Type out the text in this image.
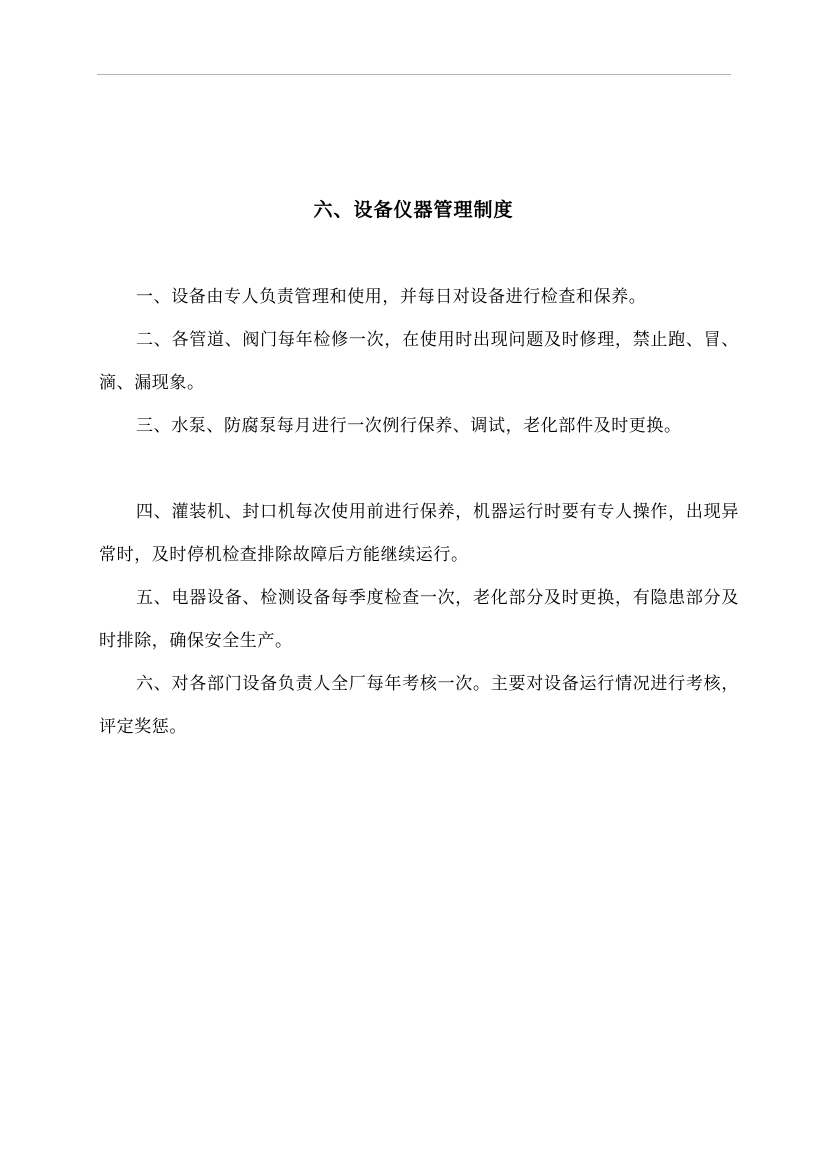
六、设备仪器管理制度

一、设备由专人负责管理和使用，并每日对设备进行检查和保养。

二、各管道、阀门每年检修一次，在使用时出现问题及时修理，禁止跑、冒、滴、漏现象。

三、水泵、防腐泵每月进行一次例行保养、调试，老化部件及时更换。

四、灌装机、封口机每次使用前进行保养，机器运行时要有专人操作，出现异常时，及时停机检查排除故障后方能继续运行。

五、电器设备、检测设备每季度检查一次，老化部分及时更换，有隐患部分及时排除，确保安全生产。

六、对各部门设备负责人全厂每年考核一次。主要对设备运行情况进行考核，评定奖惩。
